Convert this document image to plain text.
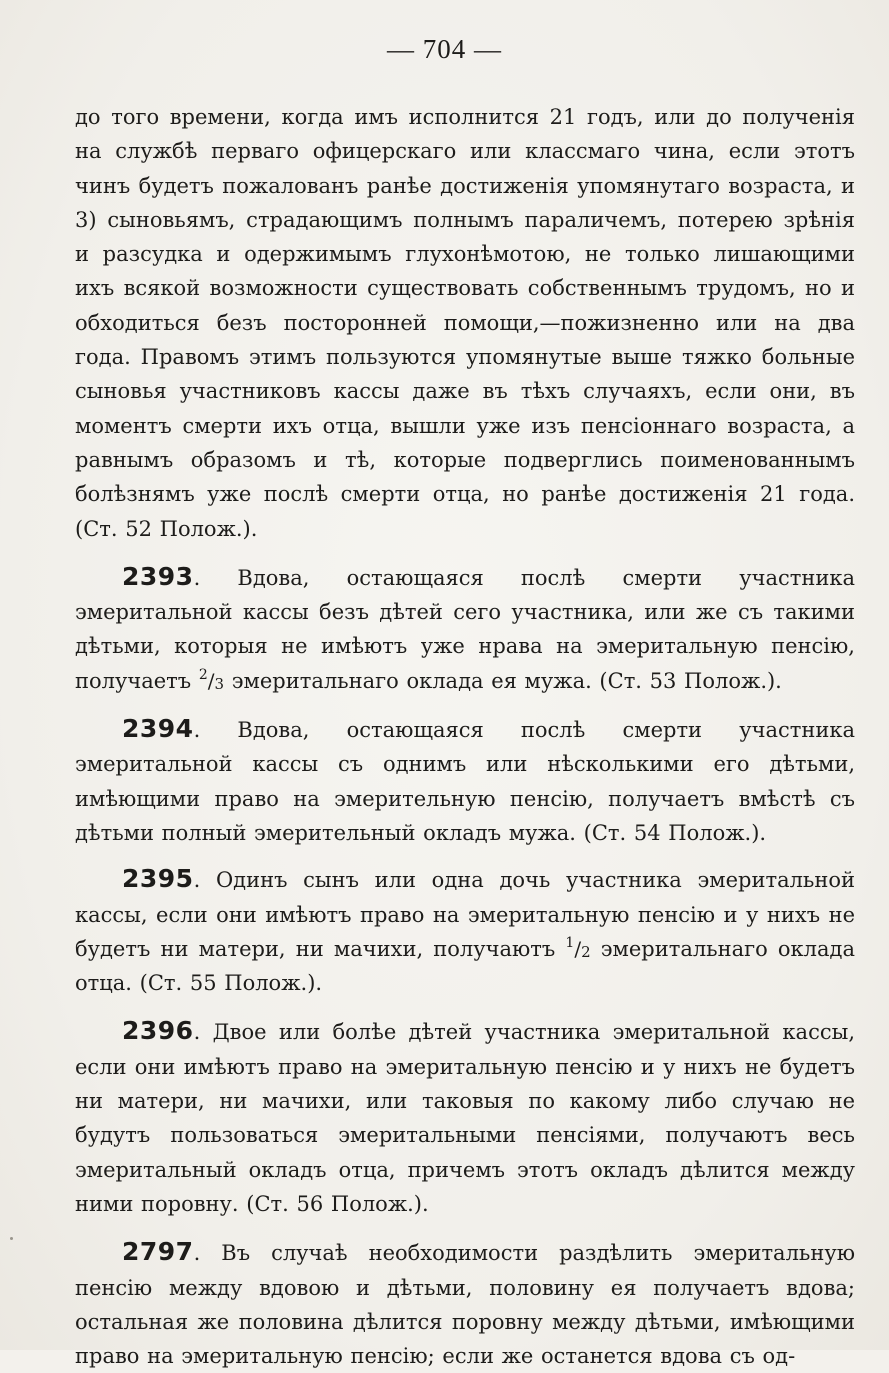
— 704 —

до того времени, когда имъ исполнится 21 годъ, или до полученія на службѣ перваго офицерскаго или классмаго чина, если этотъ чинъ будетъ пожалованъ ранѣе достиженія упомянутаго возраста, и 3) сыновьямъ, страдающимъ полнымъ параличемъ, потерею зрѣнія и разсудка и одержимымъ глухонѣмотою, не только лишающими ихъ всякой возможности существовать собственнымъ трудомъ, но и обходиться безъ посторонней помощи,—пожизненно или на два года. Правомъ этимъ пользуются упомянутые выше тяжко больные сыновья участниковъ кассы даже въ тѣхъ случаяхъ, если они, въ моментъ смерти ихъ отца, вышли уже изъ пенсіоннаго возраста, а равнымъ образомъ и тѣ, которые подверглись поименованнымъ болѣзнямъ уже послѣ смерти отца, но ранѣе достиженія 21 года. (Ст. 52 Полож.).

2393. Вдова, остающаяся послѣ смерти участника эмеритальной кассы безъ дѣтей сего участника, или же съ такими дѣтьми, которыя не имѣютъ уже нрава на эмеритальную пенсію, получаетъ $^2/_3$ эмеритальнаго оклада ея мужа. (Ст. 53 Полож.).

2394. Вдова, остающаяся послѣ смерти участника эмеритальной кассы съ однимъ или нѣсколькими его дѣтьми, имѣющими право на эмерительную пенсію, получаетъ вмѣстѣ съ дѣтьми полный эмерительный окладъ мужа. (Ст. 54 Полож.).

2395. Одинъ сынъ или одна дочь участника эмеритальной кассы, если они имѣютъ право на эмеритальную пенсію и у нихъ не будетъ ни матери, ни мачихи, получаютъ $^1/_2$ эмеритальнаго оклада отца. (Ст. 55 Полож.).

2396. Двое или болѣе дѣтей участника эмеритальной кассы, если они имѣютъ право на эмеритальную пенсію и у нихъ не будетъ ни матери, ни мачихи, или таковыя по какому либо случаю не будутъ пользоваться эмеритальными пенсіями, получаютъ весь эмеритальный окладъ отца, причемъ этотъ окладъ дѣлится между ними поровну. (Ст. 56 Полож.).

2797. Въ случаѣ необходимости раздѣлить эмеритальную пенсію между вдовою и дѣтьми, половину ея получаетъ вдова; остальная же половина дѣлится поровну между дѣтьми, имѣющими право на эмеритальную пенсію; если же останется вдова съ од-
